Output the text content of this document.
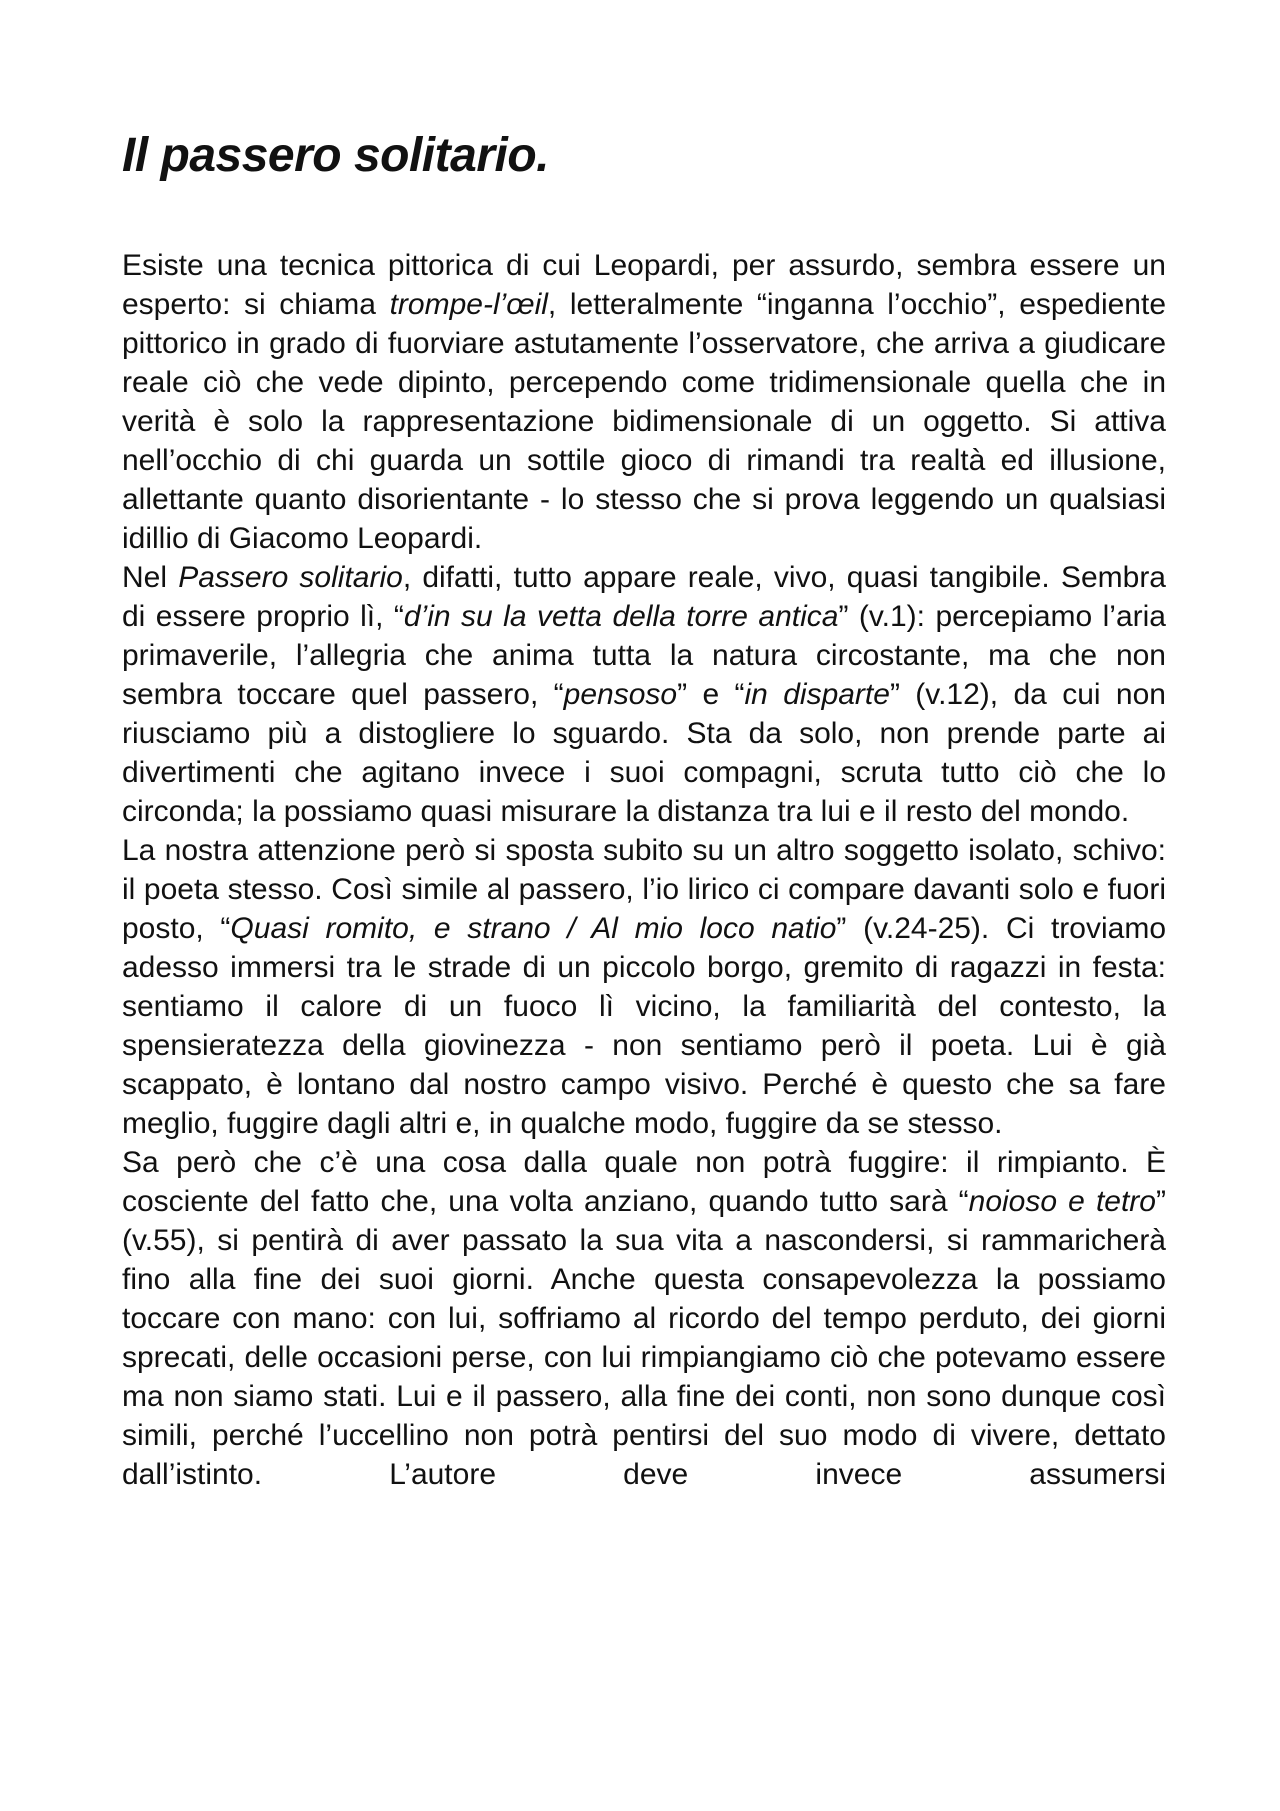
Il passero solitario.

Esiste una tecnica pittorica di cui Leopardi, per assurdo, sembra essere un esperto: si chiama trompe-l’œil, letteralmente “inganna l’occhio”, espediente pittorico in grado di fuorviare astutamente l’osservatore, che arriva a giudicare reale ciò che vede dipinto, percependo come tridimensionale quella che in verità è solo la rappresentazione bidimensionale di un oggetto. Si attiva nell’occhio di chi guarda un sottile gioco di rimandi tra realtà ed illusione, allettante quanto disorientante - lo stesso che si prova leggendo un qualsiasi idillio di Giacomo Leopardi.

Nel Passero solitario, difatti, tutto appare reale, vivo, quasi tangibile. Sembra di essere proprio lì, “d’in su la vetta della torre antica” (v.1): percepiamo l’aria primaverile, l’allegria che anima tutta la natura circostante, ma che non sembra toccare quel passero, “pensoso” e “in disparte” (v.12), da cui non riusciamo più a distogliere lo sguardo. Sta da solo, non prende parte ai divertimenti che agitano invece i suoi compagni, scruta tutto ciò che lo circonda; la possiamo quasi misurare la distanza tra lui e il resto del mondo.

La nostra attenzione però si sposta subito su un altro soggetto isolato, schivo: il poeta stesso. Così simile al passero, l’io lirico ci compare davanti solo e fuori posto, “Quasi romito, e strano / Al mio loco natio” (v.24-25). Ci troviamo adesso immersi tra le strade di un piccolo borgo, gremito di ragazzi in festa: sentiamo il calore di un fuoco lì vicino, la familiarità del contesto, la spensieratezza della giovinezza - non sentiamo però il poeta. Lui è già scappato, è lontano dal nostro campo visivo. Perché è questo che sa fare meglio, fuggire dagli altri e, in qualche modo, fuggire da se stesso.

Sa però che c’è una cosa dalla quale non potrà fuggire: il rimpianto. È cosciente del fatto che, una volta anziano, quando tutto sarà “noioso e tetro” (v.55), si pentirà di aver passato la sua vita a nascondersi, si rammaricherà fino alla fine dei suoi giorni. Anche questa consapevolezza la possiamo toccare con mano: con lui, soffriamo al ricordo del tempo perduto, dei giorni sprecati, delle occasioni perse, con lui rimpiangiamo ciò che potevamo essere ma non siamo stati. Lui e il passero, alla fine dei conti, non sono dunque così simili, perché l’uccellino non potrà pentirsi del suo modo di vivere, dettato dall’istinto. L’autore deve invece assumersi
